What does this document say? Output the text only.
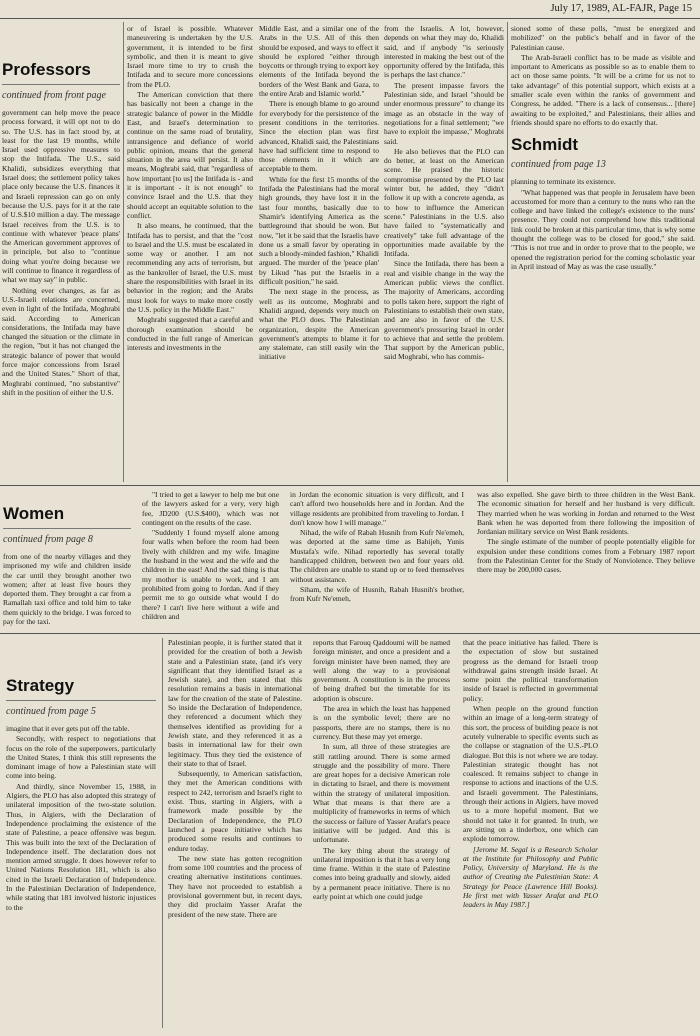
July 17, 1989, AL-FAJR, Page 15
Professors
continued from front page

government can help move the peace process forward, it will opt not to do so. The U.S. has in fact stood by, at least for the last 19 months, while Israel used oppressive measures to stop the Intifada. The U.S., said Khalidi, subsidizes everything that Israel does; the settlement policy takes place only because the U.S. finances it and Israeli repression can go on only because the U.S. pays for it at the rate of U.S.$10 million a day. The message Israel receives from the U.S. is to continue with whatever 'peace plans' the American government approves of in principle, but also to "continue doing what you're doing because we will continue to finance it regardless of what we may say" in public.

Nothing ever changes, as far as U.S.-Israeli relations are concerned, even in light of the Intifada, Moghrabi said. According to American considerations, the Intifada may have changed the situation or the climate in the region, "but it has not changed the strategic balance of power that would force major concessions from Israel and the United States." Short of that, Moghrabi continued, "no substantive" shift in the position of either the U.S.

or of Israel is possible. Whatever maneuvering is undertaken by the U.S. government, it is intended to be first symbolic, and then it is meant to give Israel more time to try to crush the Intifada and to secure more concessions from the PLO.

The American conviction that there has basically not been a change in the strategic balance of power in the Middle East, and Israel's determination to continue on the same road of brutality, intransigence and defiance of world public opinion, means that the general situation in the area will persist. It also means, Moghrabi said, that "regardless of how important [to us] the Intifada is - and it is important - it is not enough" to convince Israel and the U.S. that they should accept an equitable solution to the conflict.

It also means, he continued, that the Intifada has to persist, and that the "cost to Israel and the U.S. must be escalated in some way or another. I am not recommending any acts of terrorism, but as the bankroller of Israel, the U.S. must share the responsibilities with Israel in its behavior in the region; and the Arabs must look for ways to make more costly the U.S. policy in the Middle East."

Moghrabi suggested that a careful and thorough examination should be conducted in the full range of American interests and investments in the

Middle East, and a similar one of the Arabs in the U.S. All of this then should be exposed, and ways to effect it should be explored "either through boycotts or through trying to export key elements of the Intifada beyond the borders of the West Bank and Gaza, to the entire Arab and Islamic world."

There is enough blame to go around for everybody for the persistence of the present conditions in the territories. Since the election plan was first advanced, Khalidi said, the Palestinians have had sufficient time to respond to those elements in it which are acceptable to them.

While for the first 15 months of the Intifada the Palestinians had the moral high grounds, they have lost it in the last four months, basically due to Shamir's identifying America as the battleground that should be won. But now, "let it be said that the Israelis have done us a small favor by operating in such a bloody-minded fashion," Khalidi argued. The murder of the 'peace plan' by Likud "has put the Israelis in a difficult position," he said.

The next stage in the process, as well as its outcome, Moghrabi and Khalidi argued, depends very much on what the PLO does. The Palestinian organization, despite the American government's attempts to blame it for any stalemate, can still easily win the initiative

from the Israelis. A lot, however, depends on what they may do, Khalidi said, and if anybody "is seriously interested in making the best out of the opportunity offered by the Intifada, this is perhaps the last chance."

The present impasse favors the Palestinian side, and Israel "should be under enormous pressure" to change its image as an obstacle in the way of negotiations for a final settlement; "we have to exploit the impasse," Moghrabi said.

He also believes that the PLO can do better, at least on the American scene. He praised the historic compromise presented by the PLO last winter but, he added, they "didn't follow it up with a concrete agenda, as to how to influence the American scene." Palestinians in the U.S. also have failed to "systematically and creatively" take full advantage of the opportunities made available by the Intifada.

Since the Intifada, there has been a real and visible change in the way the American public views the conflict. The majority of Americans, according to polls taken here, support the right of Palestinians to establish their own state, and are also in favor of the U.S. government's pressuring Israel in order to achieve that and settle the problem. That support by the American public, said Moghrabi, who has commis-

sioned some of these polls, "must be energized and mobilized" on the public's behalf and in favor of the Palestinian cause.

The Arab-Israeli conflict has to be made as visible and important to Americans as possible so as to enable them to act on those same points. "It will be a crime for us not to take advantage" of this potential support, which exists at a smaller scale even within the ranks of government and Congress, he added. "There is a lack of consensus... [there] awaiting to be exploited," and Palestinians, their allies and friends should spare no efforts to do exactly that.

Schmidt
continued from page 13

planning to terminate its existence.

"What happened was that people in Jerusalem have been accustomed for more than a century to the nuns who ran the college and have linked the college's existence to the nuns' presence. They could not comprehend how this traditional link could be broken at this particular time, that is why some thought the college was to be closed for good," she said. "This is not true and in order to prove that to the people, we opened the registration period for the coming scholastic year in April instead of May as was the case usually."

Women
continued from page 8

from one of the nearby villages and they imprisoned my wife and children inside the car until they brought another two women; after at least five hours they deported them. They brought a car from a Ramallah taxi office and told him to take them quickly to the bridge. I was forced to pay for the taxi.

"I tried to get a lawyer to help me but one of the lawyers asked for a very, very high fee, JD200 (U.S.$400), which was not contingent on the results of the case.

"Suddenly I found myself alone among four walls when before the room had been lively with children and my wife. Imagine the husband in the west and the wife and the children in the east! And the sad thing is that my mother is unable to work, and I am prohibited from going to Jordan. And if they permit me to go outside what would I do there? I can't live here without a wife and children and

in Jordan the economic situation is very difficult, and I can't afford two households here and in Jordan. And the village residents are prohibited from traveling to Jordan. I don't know how I will manage."

Nihad, the wife of Rabah Husnih from Kufr Ne'emeh, was deported at the same time as Bahijeh, Yunis Mustafa's wife. Nihad reportedly has several totally handicapped children, between two and four years old. The children are unable to stand up or to feed themselves without assistance.

Siham, the wife of Husnih, Rabah Husnih's brother, from Kufr Ne'emeh,

was also expelled. She gave birth to three children in the West Bank. The economic situation for herself and her husband is very difficult. They married when he was working in Jordan and returned to the West Bank when he was deported from there following the imposition of Jordanian military service on West Bank residents.

The single estimate of the number of people potentially eligible for expulsion under these conditions comes from a February 1987 report from the Palestinian Center for the Study of Nonviolence. They believe there may be 200,000 cases.

Strategy
continued from page 5

imagine that it ever gets put off the table.

Secondly, with respect to negotiations that focus on the role of the superpowers, particularly the United States, I think this still represents the dominant image of how a Palestinian state will come into being.

And thirdly, since November 15, 1988, in Algiers, the PLO has also adopted this strategy of unilateral imposition of the two-state solution. Thus, in Algiers, with the Declaration of Independence proclaiming the existence of the state of Palestine, a peace offensive was begun. This was built into the text of the Declaration of Independence itself. The declaration does not mention armed struggle. It does however refer to United Nations Resolution 181, which is also cited in the Israeli Declaration of Independence. In the Palestinian Declaration of Independence, while stating that 181 involved historic injustices to the

Palestinian people, it is further stated that it provided for the creation of both a Jewish state and a Palestinian state, (and it's very significant that they identified Israel as a Jewish state), and then stated that this resolution remains a basis in international law for the creation of the state of Palestine. So inside the Declaration of Independence, they referenced a document which they themselves identified as providing for a Jewish state, and they referenced it as a basis in international law for their own legitimacy. Thus they tied the existence of their state to that of Israel.

Subsequently, to American satisfaction, they met the American conditions with respect to 242, terrorism and Israel's right to exist. Thus, starting in Algiers, with a framework made possible by the Declaration of Independence, the PLO launched a peace initiative which has produced some results and continues to endure today.

The new state has gotten recognition from some 100 countries and the process of creating alternative institutions continues. They have not proceeded to establish a provisional government but, in recent days, they did proclaim Yasser Arafat the president of the new state. There are

reports that Farouq Qaddoumi will be named foreign minister, and once a president and a foreign minister have been named, they are well along the way to a provisional government. A constitution is in the process of being drafted but the timetable for its adoption is obscure.

The area in which the least has happened is on the symbolic level; there are no passports, there are no stamps, there is no currency. But these may yet emerge.

In sum, all three of these strategies are still rattling around. There is some armed struggle and the possibility of more. There are great hopes for a decisive American role in dictating to Israel, and there is movement within the strategy of unilateral imposition. What that means is that there are a multiplicity of frameworks in terms of which the success or failure of Yasser Arafat's peace initiative will be judged. And this is unfortunate.

The key thing about the strategy of unilateral imposition is that it has a very long time frame. Within it the state of Palestine comes into being gradually and slowly, aided by a permanent peace initiative. There is no early point at which one could judge

that the peace initiative has failed. There is the expectation of slow but sustained progress as the demand for Israeli troop withdrawal gains strength inside Israel. At some point the political transformation inside of Israel is reflected in governmental policy.

When people on the ground function within an image of a long-term strategy of this sort, the process of building peace is not acutely vulnerable to specific events such as the collapse or stagnation of the U.S.-PLO dialogue. But this is not where we are today. Palestinian strategic thought has not coalesced. It remains subject to change in response to actions and inactions of the U.S. and Israeli government. The Palestinians, through their actions in Algiers, have moved us to a more hopeful moment. But we should not take it for granted. In truth, we are sitting on a tinderbox, one which can explode tomorrow.

[Jerome M. Segal is a Research Scholar at the Institute for Philosophy and Public Policy, University of Maryland. He is the author of Creating the Palestinian State: A Strategy for Peace (Lawrence Hill Books). He first met with Yasser Arafat and PLO leaders in May 1987.]
